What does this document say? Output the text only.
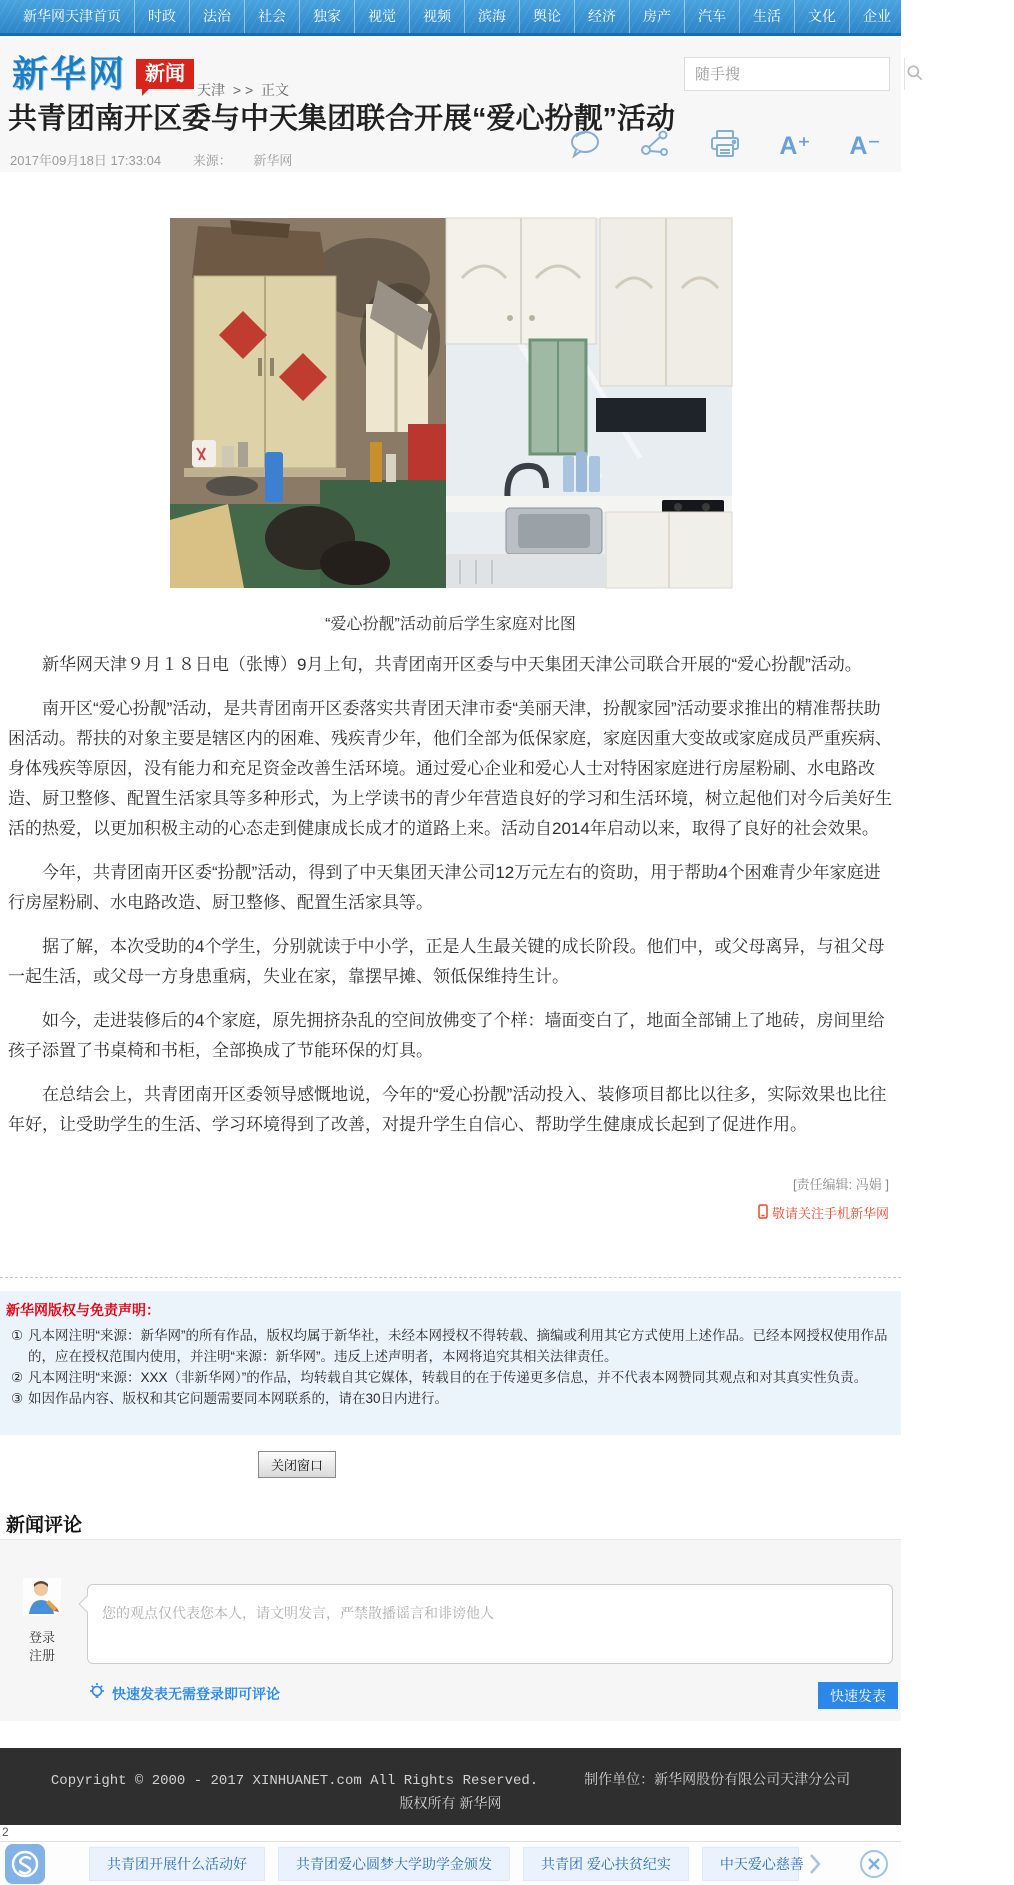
新华网天津首页	时政	法治	社会	独家	视觉	视频	滨海	舆论	经济	房产	汽车	生活	文化	企业	服务	健康
新华网 新闻
天津 > > 正文
随手搜
共青团南开区委与中天集团联合开展“爱心扮靓”活动
2017年09月18日 17:33:04 来源： 新华网
A⁺ A⁻
“爱心扮靓”活动前后学生家庭对比图

新华网天津９月１８日电（张博）9月上旬，共青团南开区委与中天集团天津公司联合开展的“爱心扮靓”活动。

南开区“爱心扮靓”活动，是共青团南开区委落实共青团天津市委“美丽天津，扮靓家园”活动要求推出的精准帮扶助困活动。帮扶的对象主要是辖区内的困难、残疾青少年，他们全部为低保家庭，家庭因重大变故或家庭成员严重疾病、身体残疾等原因，没有能力和充足资金改善生活环境。通过爱心企业和爱心人士对特困家庭进行房屋粉刷、水电路改造、厨卫整修、配置生活家具等多种形式，为上学读书的青少年营造良好的学习和生活环境，树立起他们对今后美好生活的热爱，以更加积极主动的心态走到健康成长成才的道路上来。活动自2014年启动以来，取得了良好的社会效果。

今年，共青团南开区委“扮靓”活动，得到了中天集团天津公司12万元左右的资助，用于帮助4个困难青少年家庭进行房屋粉刷、水电路改造、厨卫整修、配置生活家具等。

据了解，本次受助的4个学生，分别就读于中小学，正是人生最关键的成长阶段。他们中，或父母离异，与祖父母一起生活，或父母一方身患重病，失业在家，靠摆早摊、领低保维持生计。

如今，走进装修后的4个家庭，原先拥挤杂乱的空间放佛变了个样：墙面变白了，地面全部铺上了地砖，房间里给孩子添置了书桌椅和书柜，全部换成了节能环保的灯具。

在总结会上，共青团南开区委领导感慨地说，今年的“爱心扮靓”活动投入、装修项目都比以往多，实际效果也比往年好，让受助学生的生活、学习环境得到了改善，对提升学生自信心、帮助学生健康成长起到了促进作用。

[责任编辑: 冯娟 ]
敬请关注手机新华网
新华网版权与免责声明：
① 凡本网注明“来源：新华网”的所有作品，版权均属于新华社，未经本网授权不得转载、摘编或利用其它方式使用上述作品。已经本网授权使用作品的，应在授权范围内使用，并注明“来源：新华网”。违反上述声明者，本网将追究其相关法律责任。
② 凡本网注明“来源：XXX（非新华网）”的作品，均转载自其它媒体，转载目的在于传递更多信息，并不代表本网赞同其观点和对其真实性负责。
③ 如因作品内容、版权和其它问题需要同本网联系的，请在30日内进行。
关闭窗口
新闻评论
登录
注册
您的观点仅代表您本人，请文明发言，严禁散播谣言和诽谤他人
快速发表无需登录即可评论	快速发表
Copyright © 2000 - 2017 XINHUANET.com All Rights Reserved.	制作单位：新华网股份有限公司天津分公司
版权所有 新华网
2
共青团开展什么活动好	共青团爱心圆梦大学助学金颁发	共青团 爱心扶贫纪实	中天爱心慈善
